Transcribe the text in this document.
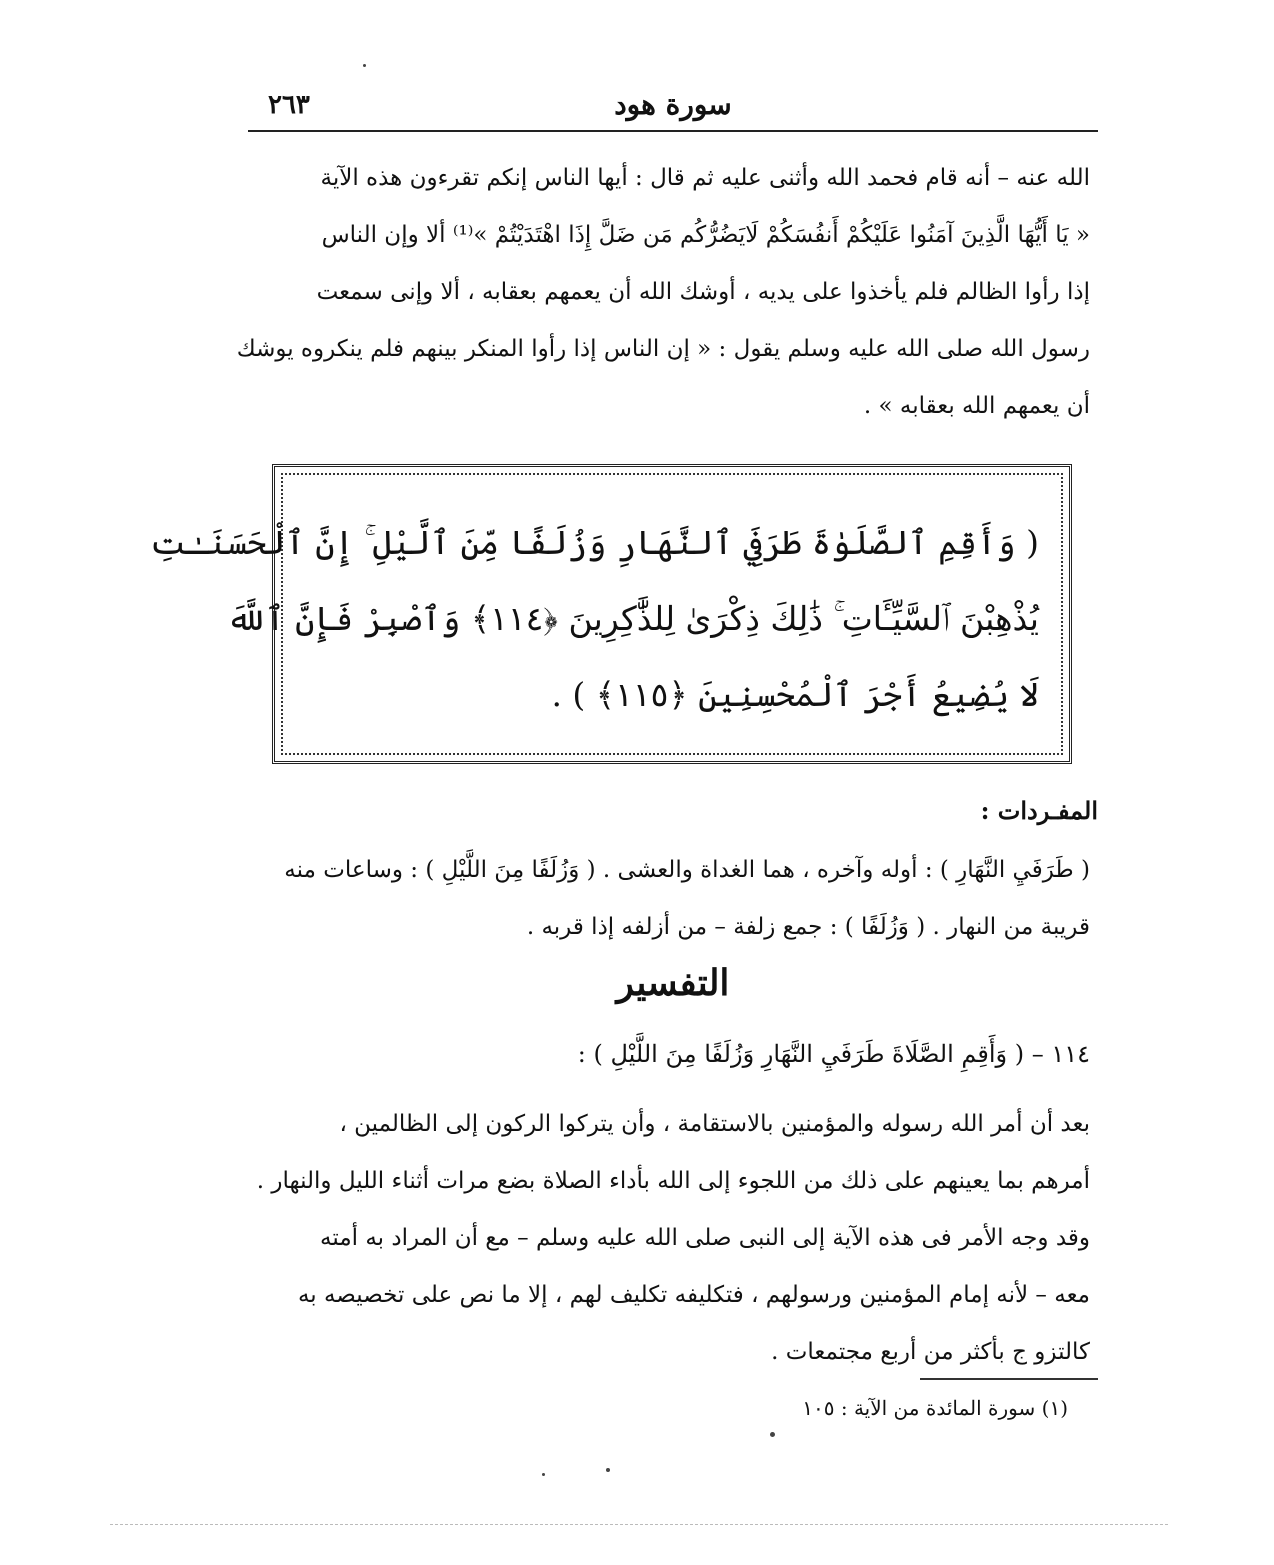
٢٦٣	سورة هود
الله عنه – أنه قام فحمد الله وأثنى عليه ثم قال : أيها الناس إنكم تقرءون هذه الآية
« يَا أَيُّهَا الَّذِينَ آمَنُوا عَلَيْكُمْ أَنفُسَكُمْ لَايَضُرُّكُم مَن ضَلَّ إِذَا اهْتَدَيْتُمْ »⁽¹⁾ ألا وإن الناس
إذا رأوا الظالم فلم يأخذوا على يديه ، أوشك الله أن يعمهم بعقابه ، ألا وإنى سمعت
رسول الله صلى الله عليه وسلم يقول : « إن الناس إذا رأوا المنكر بينهم فلم ينكروه يوشك
أن يعمهم الله بعقابه » .
( وَأَقِمِ ٱلصَّلَوٰةَ طَرَفَيِ ٱلنَّهَارِ وَزُلَفًا مِّنَ ٱلَّيْلِ ۚ إِنَّ ٱلْحَسَنَـٰتِ
يُذْهِبْنَ ٱلسَّيِّـَٔاتِ ۚ ذَٰلِكَ ذِكْرَىٰ لِلذَّٰكِرِينَ ﴿١١٤﴾ وَٱصْبِرْ فَإِنَّ ٱللَّهَ
لَا يُضِيعُ أَجْرَ ٱلْمُحْسِنِينَ ﴿١١٥﴾ ) .
المفـردات :
( طَرَفَيِ النَّهَارِ ) : أوله وآخره ، هما الغداة والعشى . ( وَزُلَفًا مِنَ اللَّيْلِ ) : وساعات منه
قريبة من النهار . ( وَزُلَفًا ) : جمع زلفة – من أزلفه إذا قربه .
التفسير
١١٤ – ( وَأَقِمِ الصَّلَاةَ طَرَفَيِ النَّهَارِ وَزُلَفًا مِنَ اللَّيْلِ ) :
بعد أن أمر الله رسوله والمؤمنين بالاستقامة ، وأن يتركوا الركون إلى الظالمين ،
أمرهم بما يعينهم على ذلك من اللجوء إلى الله بأداء الصلاة بضع مرات أثناء الليل والنهار .
وقد وجه الأمر فى هذه الآية إلى النبى صلى الله عليه وسلم – مع أن المراد به أمته
معه – لأنه إمام المؤمنين ورسولهم ، فتكليفه تكليف لهم ، إلا ما نص على تخصيصه به
كالتزو ج بأكثر من أربع مجتمعات .
(١) سورة المائدة من الآية : ١٠٥
